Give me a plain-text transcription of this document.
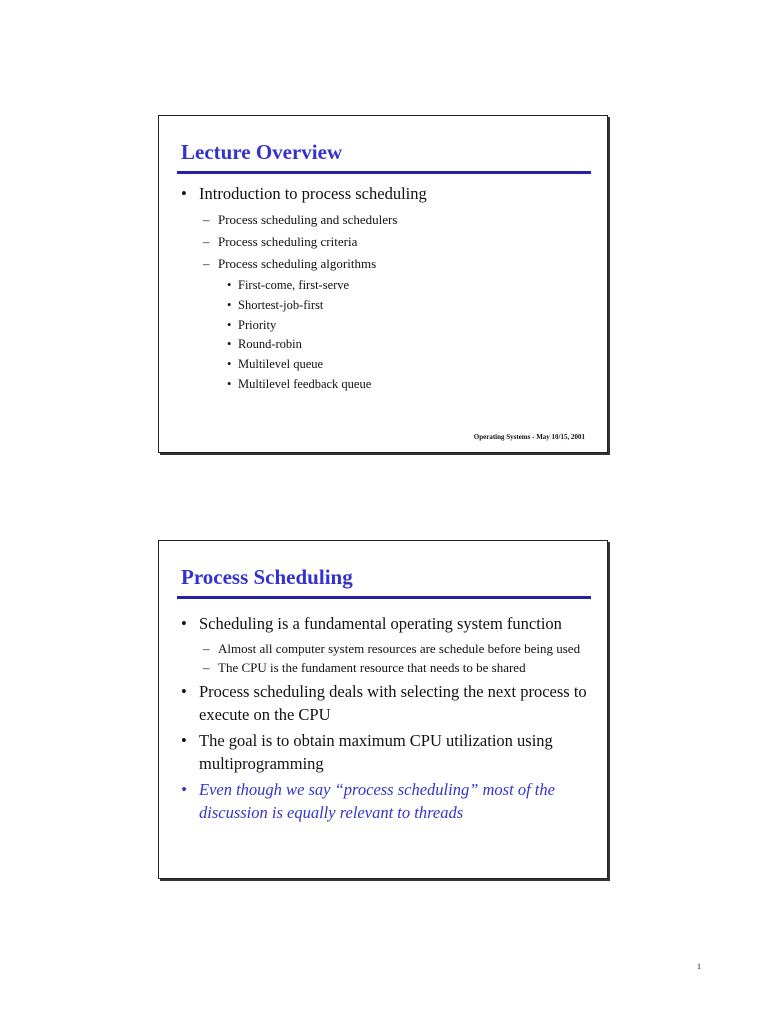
Lecture Overview
• Introduction to process scheduling
– Process scheduling and schedulers
– Process scheduling criteria
– Process scheduling algorithms
• First-come, first-serve
• Shortest-job-first
• Priority
• Round-robin
• Multilevel queue
• Multilevel feedback queue
Operating Systems - May 10/15, 2001
Process Scheduling
• Scheduling is a fundamental operating system function
– Almost all computer system resources are schedule before being used
– The CPU is the fundament resource that needs to be shared
• Process scheduling deals with selecting the next process to execute on the CPU
• The goal is to obtain maximum CPU utilization using multiprogramming
• Even though we say “process scheduling” most of the discussion is equally relevant to threads
1
